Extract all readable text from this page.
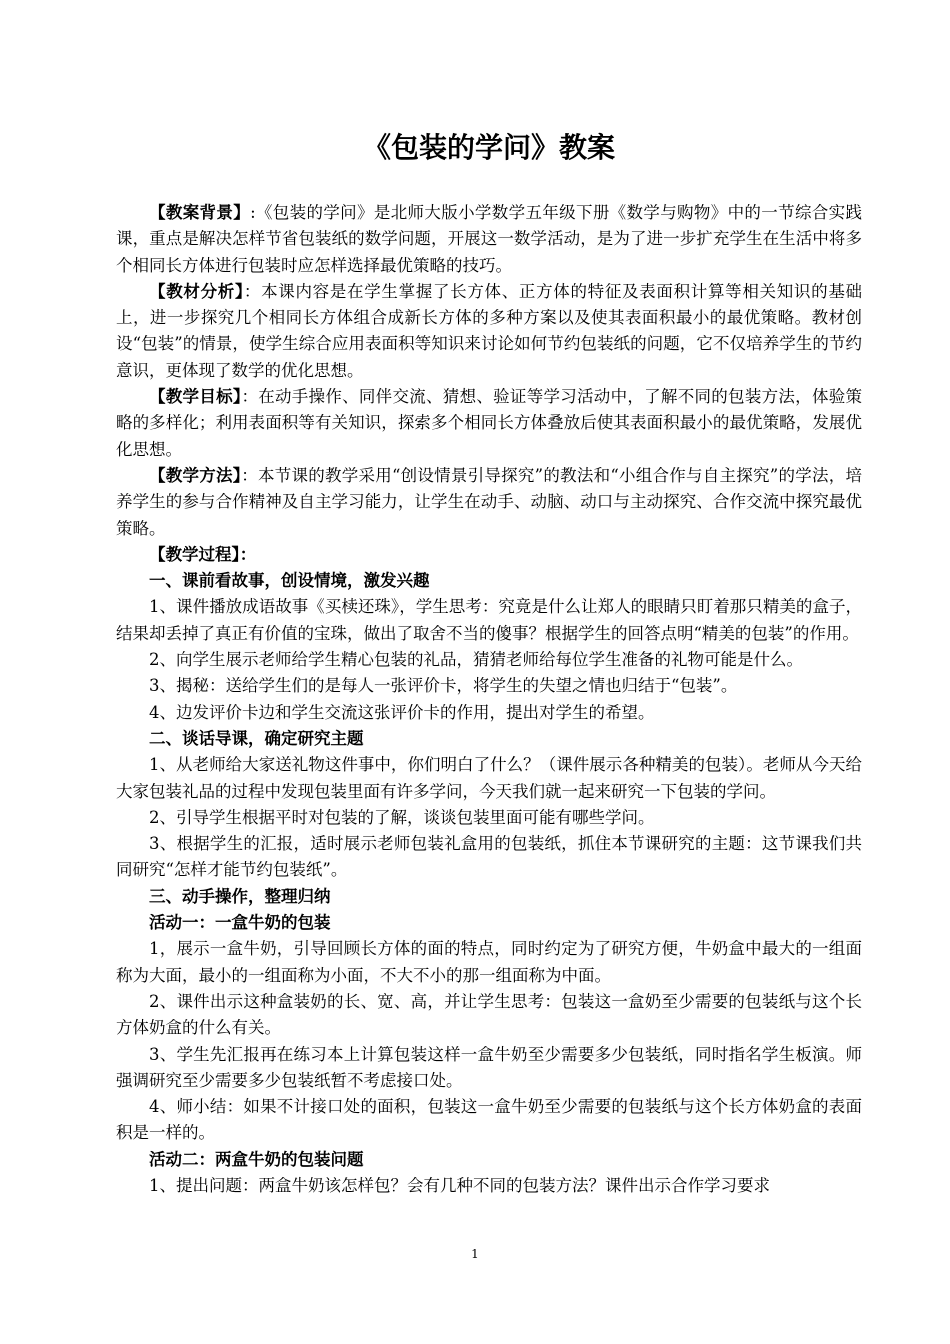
《包装的学问》教案

【教案背景】:《包装的学问》是北师大版小学数学五年级下册《数学与购物》中的一节综合实践课，重点是解决怎样节省包装纸的数学问题，开展这一数学活动，是为了进一步扩充学生在生活中将多个相同长方体进行包装时应怎样选择最优策略的技巧。

【教材分析】：本课内容是在学生掌握了长方体、正方体的特征及表面积计算等相关知识的基础上，进一步探究几个相同长方体组合成新长方体的多种方案以及使其表面积最小的最优策略。教材创设“包装”的情景，使学生综合应用表面积等知识来讨论如何节约包装纸的问题，它不仅培养学生的节约意识，更体现了数学的优化思想。

【教学目标】：在动手操作、同伴交流、猜想、验证等学习活动中，了解不同的包装方法，体验策略的多样化；利用表面积等有关知识，探索多个相同长方体叠放后使其表面积最小的最优策略，发展优化思想。

【教学方法】：本节课的教学采用“创设情景引导探究”的教法和“小组合作与自主探究”的学法，培养学生的参与合作精神及自主学习能力，让学生在动手、动脑、动口与主动探究、合作交流中探究最优策略。

【教学过程】：

一、课前看故事，创设情境，激发兴趣

1、课件播放成语故事《买椟还珠》，学生思考：究竟是什么让郑人的眼睛只盯着那只精美的盒子，结果却丢掉了真正有价值的宝珠，做出了取舍不当的傻事？根据学生的回答点明“精美的包装”的作用。

2、向学生展示老师给学生精心包装的礼品，猜猜老师给每位学生准备的礼物可能是什么。

3、揭秘：送给学生们的是每人一张评价卡，将学生的失望之情也归结于“包装”。

4、边发评价卡边和学生交流这张评价卡的作用，提出对学生的希望。

二、谈话导课，确定研究主题

1、从老师给大家送礼物这件事中，你们明白了什么？（课件展示各种精美的包装）。老师从今天给大家包装礼品的过程中发现包装里面有许多学问，今天我们就一起来研究一下包装的学问。

2、引导学生根据平时对包装的了解，谈谈包装里面可能有哪些学问。

3、根据学生的汇报，适时展示老师包装礼盒用的包装纸，抓住本节课研究的主题：这节课我们共同研究“怎样才能节约包装纸”。

三、动手操作，整理归纳

活动一：一盒牛奶的包装

1，展示一盒牛奶，引导回顾长方体的面的特点，同时约定为了研究方便，牛奶盒中最大的一组面称为大面，最小的一组面称为小面，不大不小的那一组面称为中面。

2、课件出示这种盒装奶的长、宽、高，并让学生思考：包装这一盒奶至少需要的包装纸与这个长方体奶盒的什么有关。

3、学生先汇报再在练习本上计算包装这样一盒牛奶至少需要多少包装纸，同时指名学生板演。师强调研究至少需要多少包装纸暂不考虑接口处。

4、师小结：如果不计接口处的面积，包装这一盒牛奶至少需要的包装纸与这个长方体奶盒的表面积是一样的。

活动二：两盒牛奶的包装问题

1、提出问题：两盒牛奶该怎样包？会有几种不同的包装方法？课件出示合作学习要求

1
